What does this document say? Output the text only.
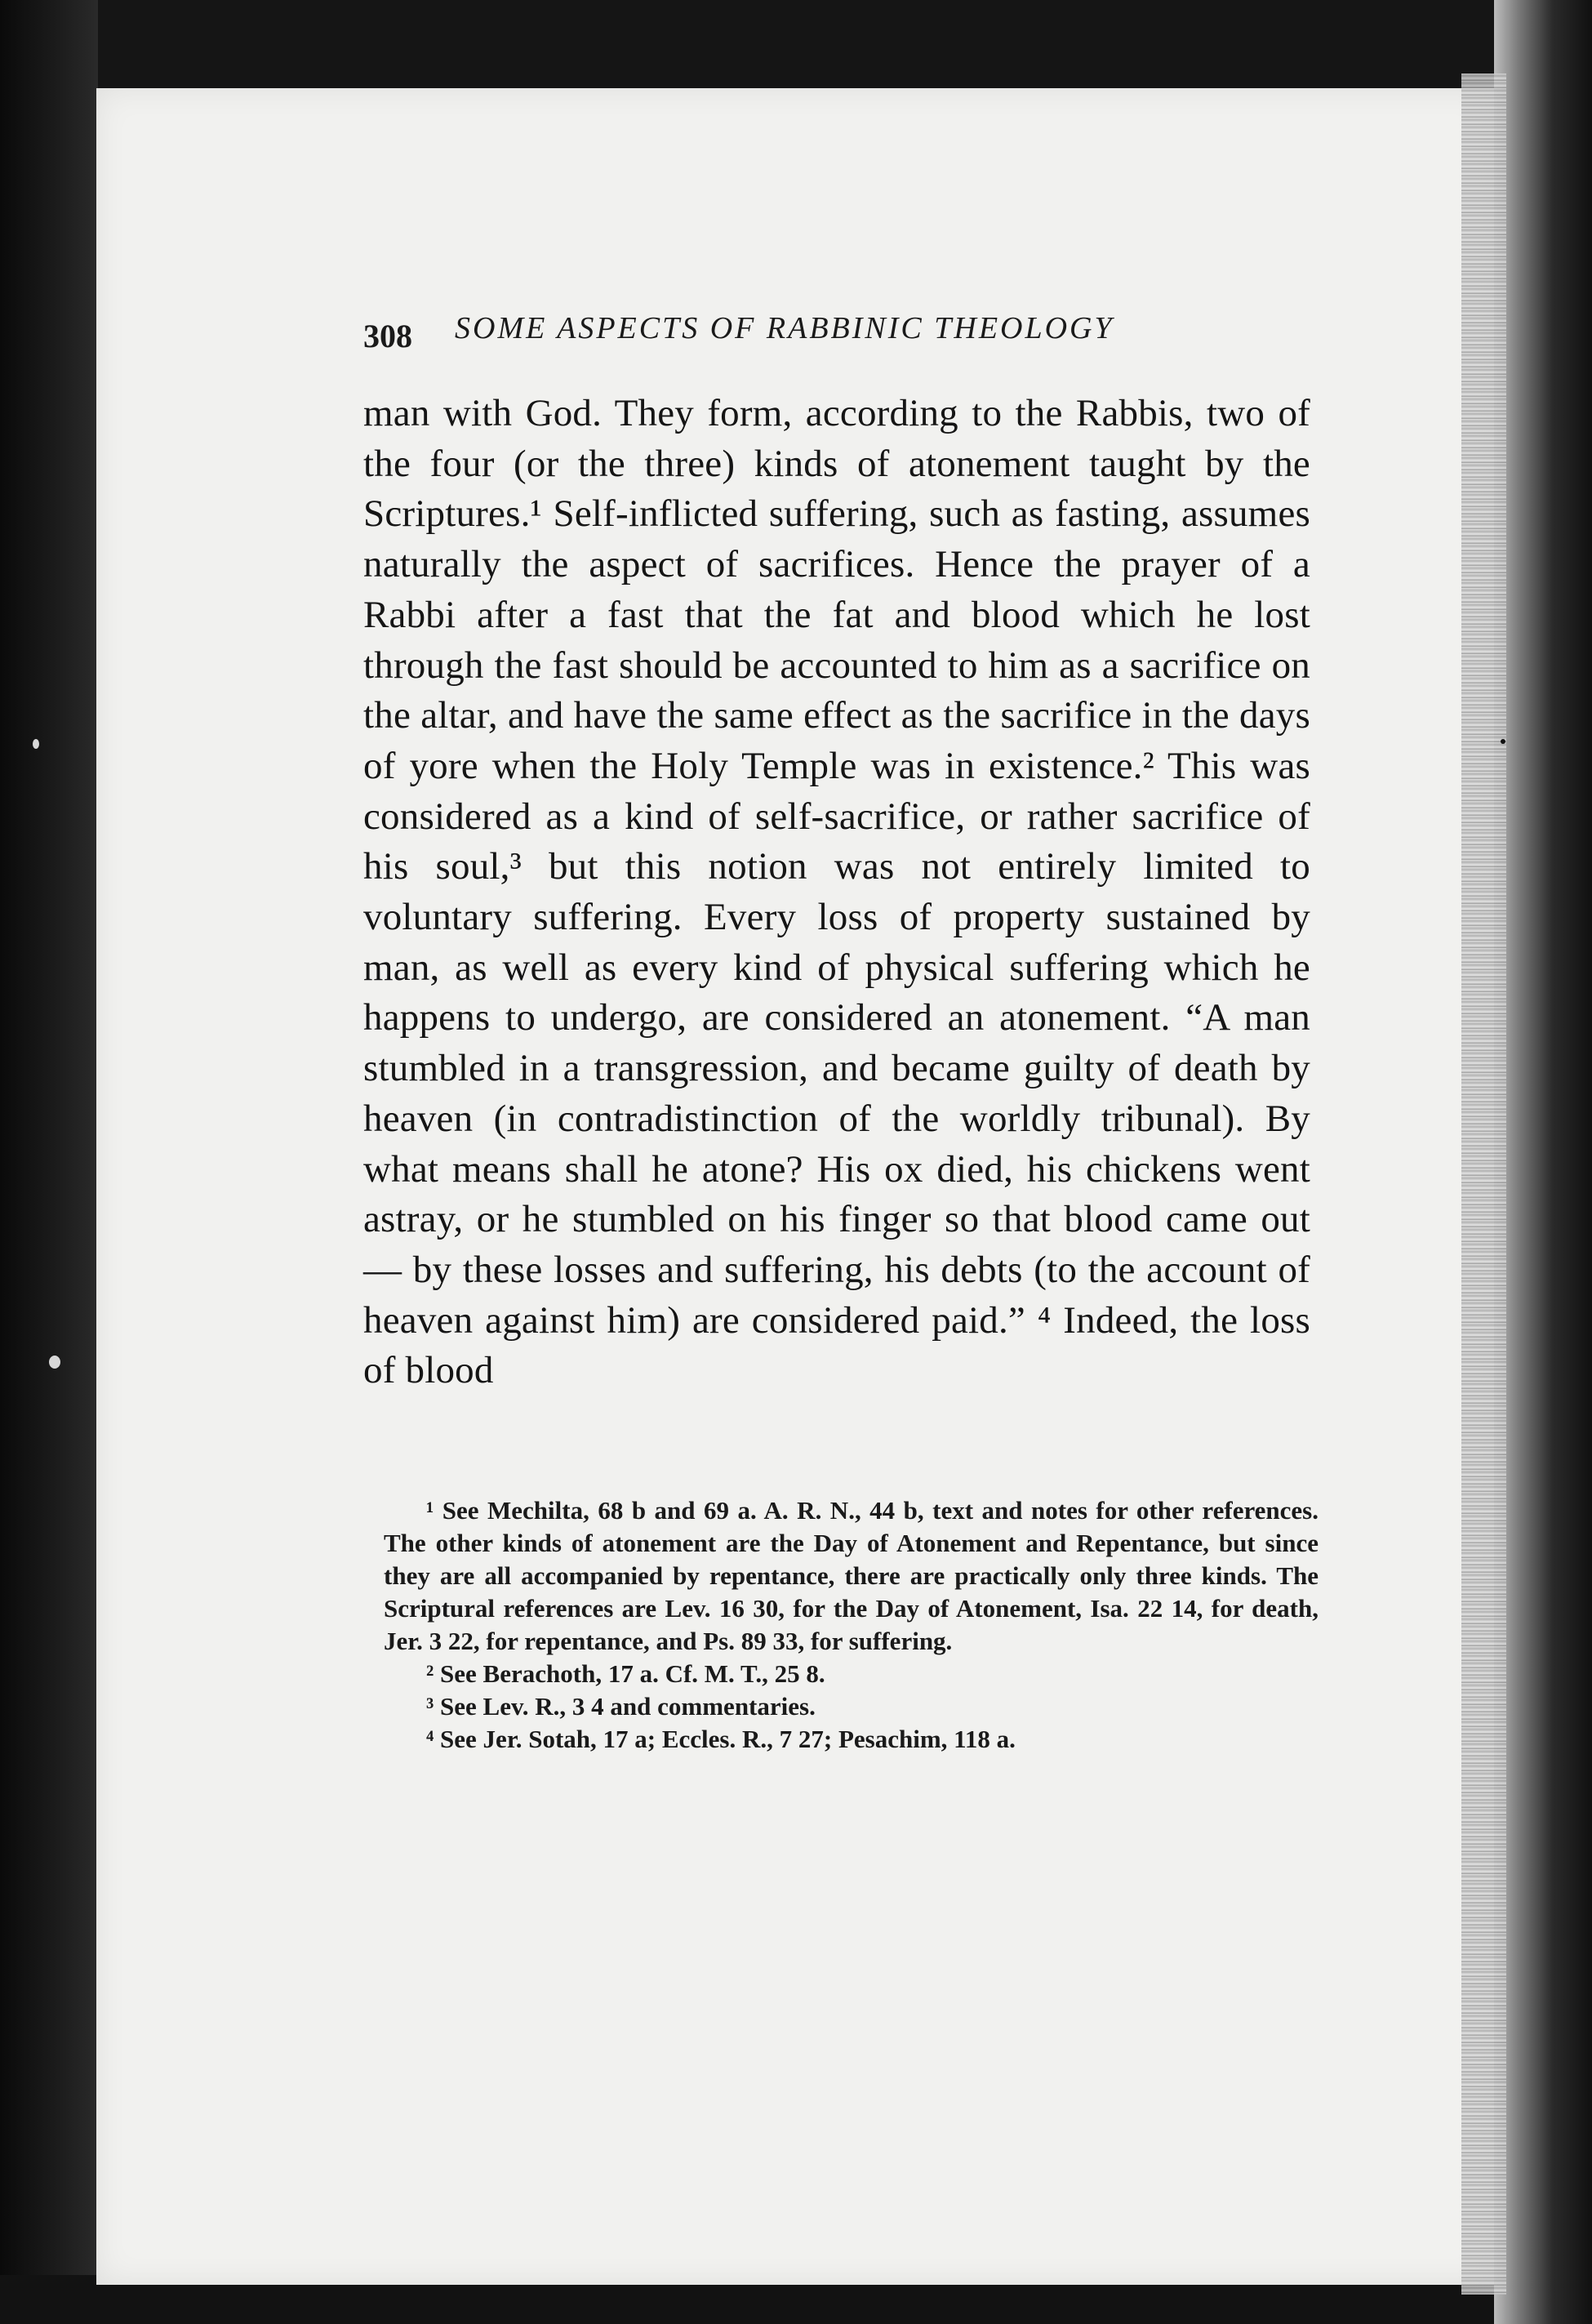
308 SOME ASPECTS OF RABBINIC THEOLOGY

man with God. They form, according to the Rabbis, two of the four (or the three) kinds of atonement taught by the Scriptures.¹ Self-inflicted suffering, such as fasting, assumes naturally the aspect of sacrifices. Hence the prayer of a Rabbi after a fast that the fat and blood which he lost through the fast should be accounted to him as a sacrifice on the altar, and have the same effect as the sacrifice in the days of yore when the Holy Temple was in existence.² This was considered as a kind of self-sacrifice, or rather sacrifice of his soul,³ but this notion was not entirely limited to voluntary suffering. Every loss of property sustained by man, as well as every kind of physical suffering which he happens to undergo, are considered an atonement. “A man stumbled in a transgression, and became guilty of death by heaven (in contradistinction of the worldly tribunal). By what means shall he atone? His ox died, his chickens went astray, or he stumbled on his finger so that blood came out — by these losses and suffering, his debts (to the account of heaven against him) are considered paid.” ⁴ Indeed, the loss of blood

¹ See Mechilta, 68 b and 69 a. A. R. N., 44 b, text and notes for other references. The other kinds of atonement are the Day of Atonement and Repentance, but since they are all accompanied by repentance, there are practically only three kinds. The Scriptural references are Lev. 16 30, for the Day of Atonement, Isa. 22 14, for death, Jer. 3 22, for repentance, and Ps. 89 33, for suffering.

² See Berachoth, 17 a. Cf. M. T., 25 8.

³ See Lev. R., 3 4 and commentaries.

⁴ See Jer. Sotah, 17 a; Eccles. R., 7 27; Pesachim, 118 a.
